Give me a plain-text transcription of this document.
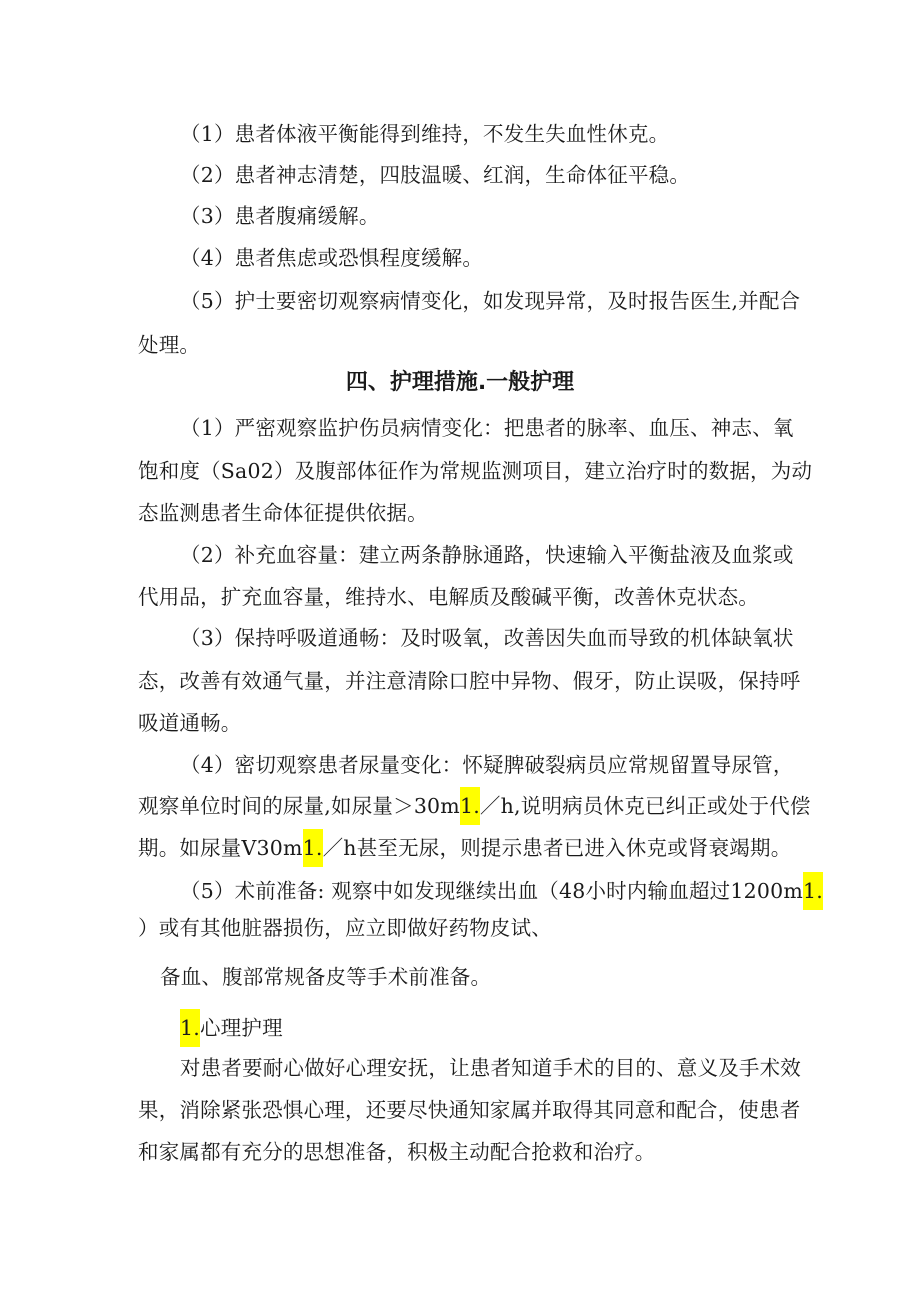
（1）患者体液平衡能得到维持，不发生失血性休克。
（2）患者神志清楚，四肢温暖、红润，生命体征平稳。
（3）患者腹痛缓解。
（4）患者焦虑或恐惧程度缓解。
（5）护士要密切观察病情变化，如发现异常，及时报告医生,并配合
处理。
四、护理措施.一般护理
（1）严密观察监护伤员病情变化：把患者的脉率、血压、神志、氧
饱和度（Sa02）及腹部体征作为常规监测项目，建立治疗时的数据，为动
态监测患者生命体征提供依据。
（2）补充血容量：建立两条静脉通路，快速输入平衡盐液及血浆或
代用品，扩充血容量，维持水、电解质及酸碱平衡，改善休克状态。
（3）保持呼吸道通畅：及时吸氧，改善因失血而导致的机体缺氧状
态，改善有效通气量，并注意清除口腔中异物、假牙，防止误吸，保持呼
吸道通畅。
（4）密切观察患者尿量变化：怀疑脾破裂病员应常规留置导尿管，
观察单位时间的尿量,如尿量＞30m1.／h,说明病员休克已纠正或处于代偿
期。如尿量V30m1.／h甚至无尿，则提示患者已进入休克或肾衰竭期。
（5）术前准备: 观察中如发现继续出血（48小时内输血超过1200m1.
）或有其他脏器损伤，应立即做好药物皮试、
备血、腹部常规备皮等手术前准备。
1.心理护理
对患者要耐心做好心理安抚，让患者知道手术的目的、意义及手术效
果，消除紧张恐惧心理，还要尽快通知家属并取得其同意和配合，使患者
和家属都有充分的思想准备，积极主动配合抢救和治疗。
